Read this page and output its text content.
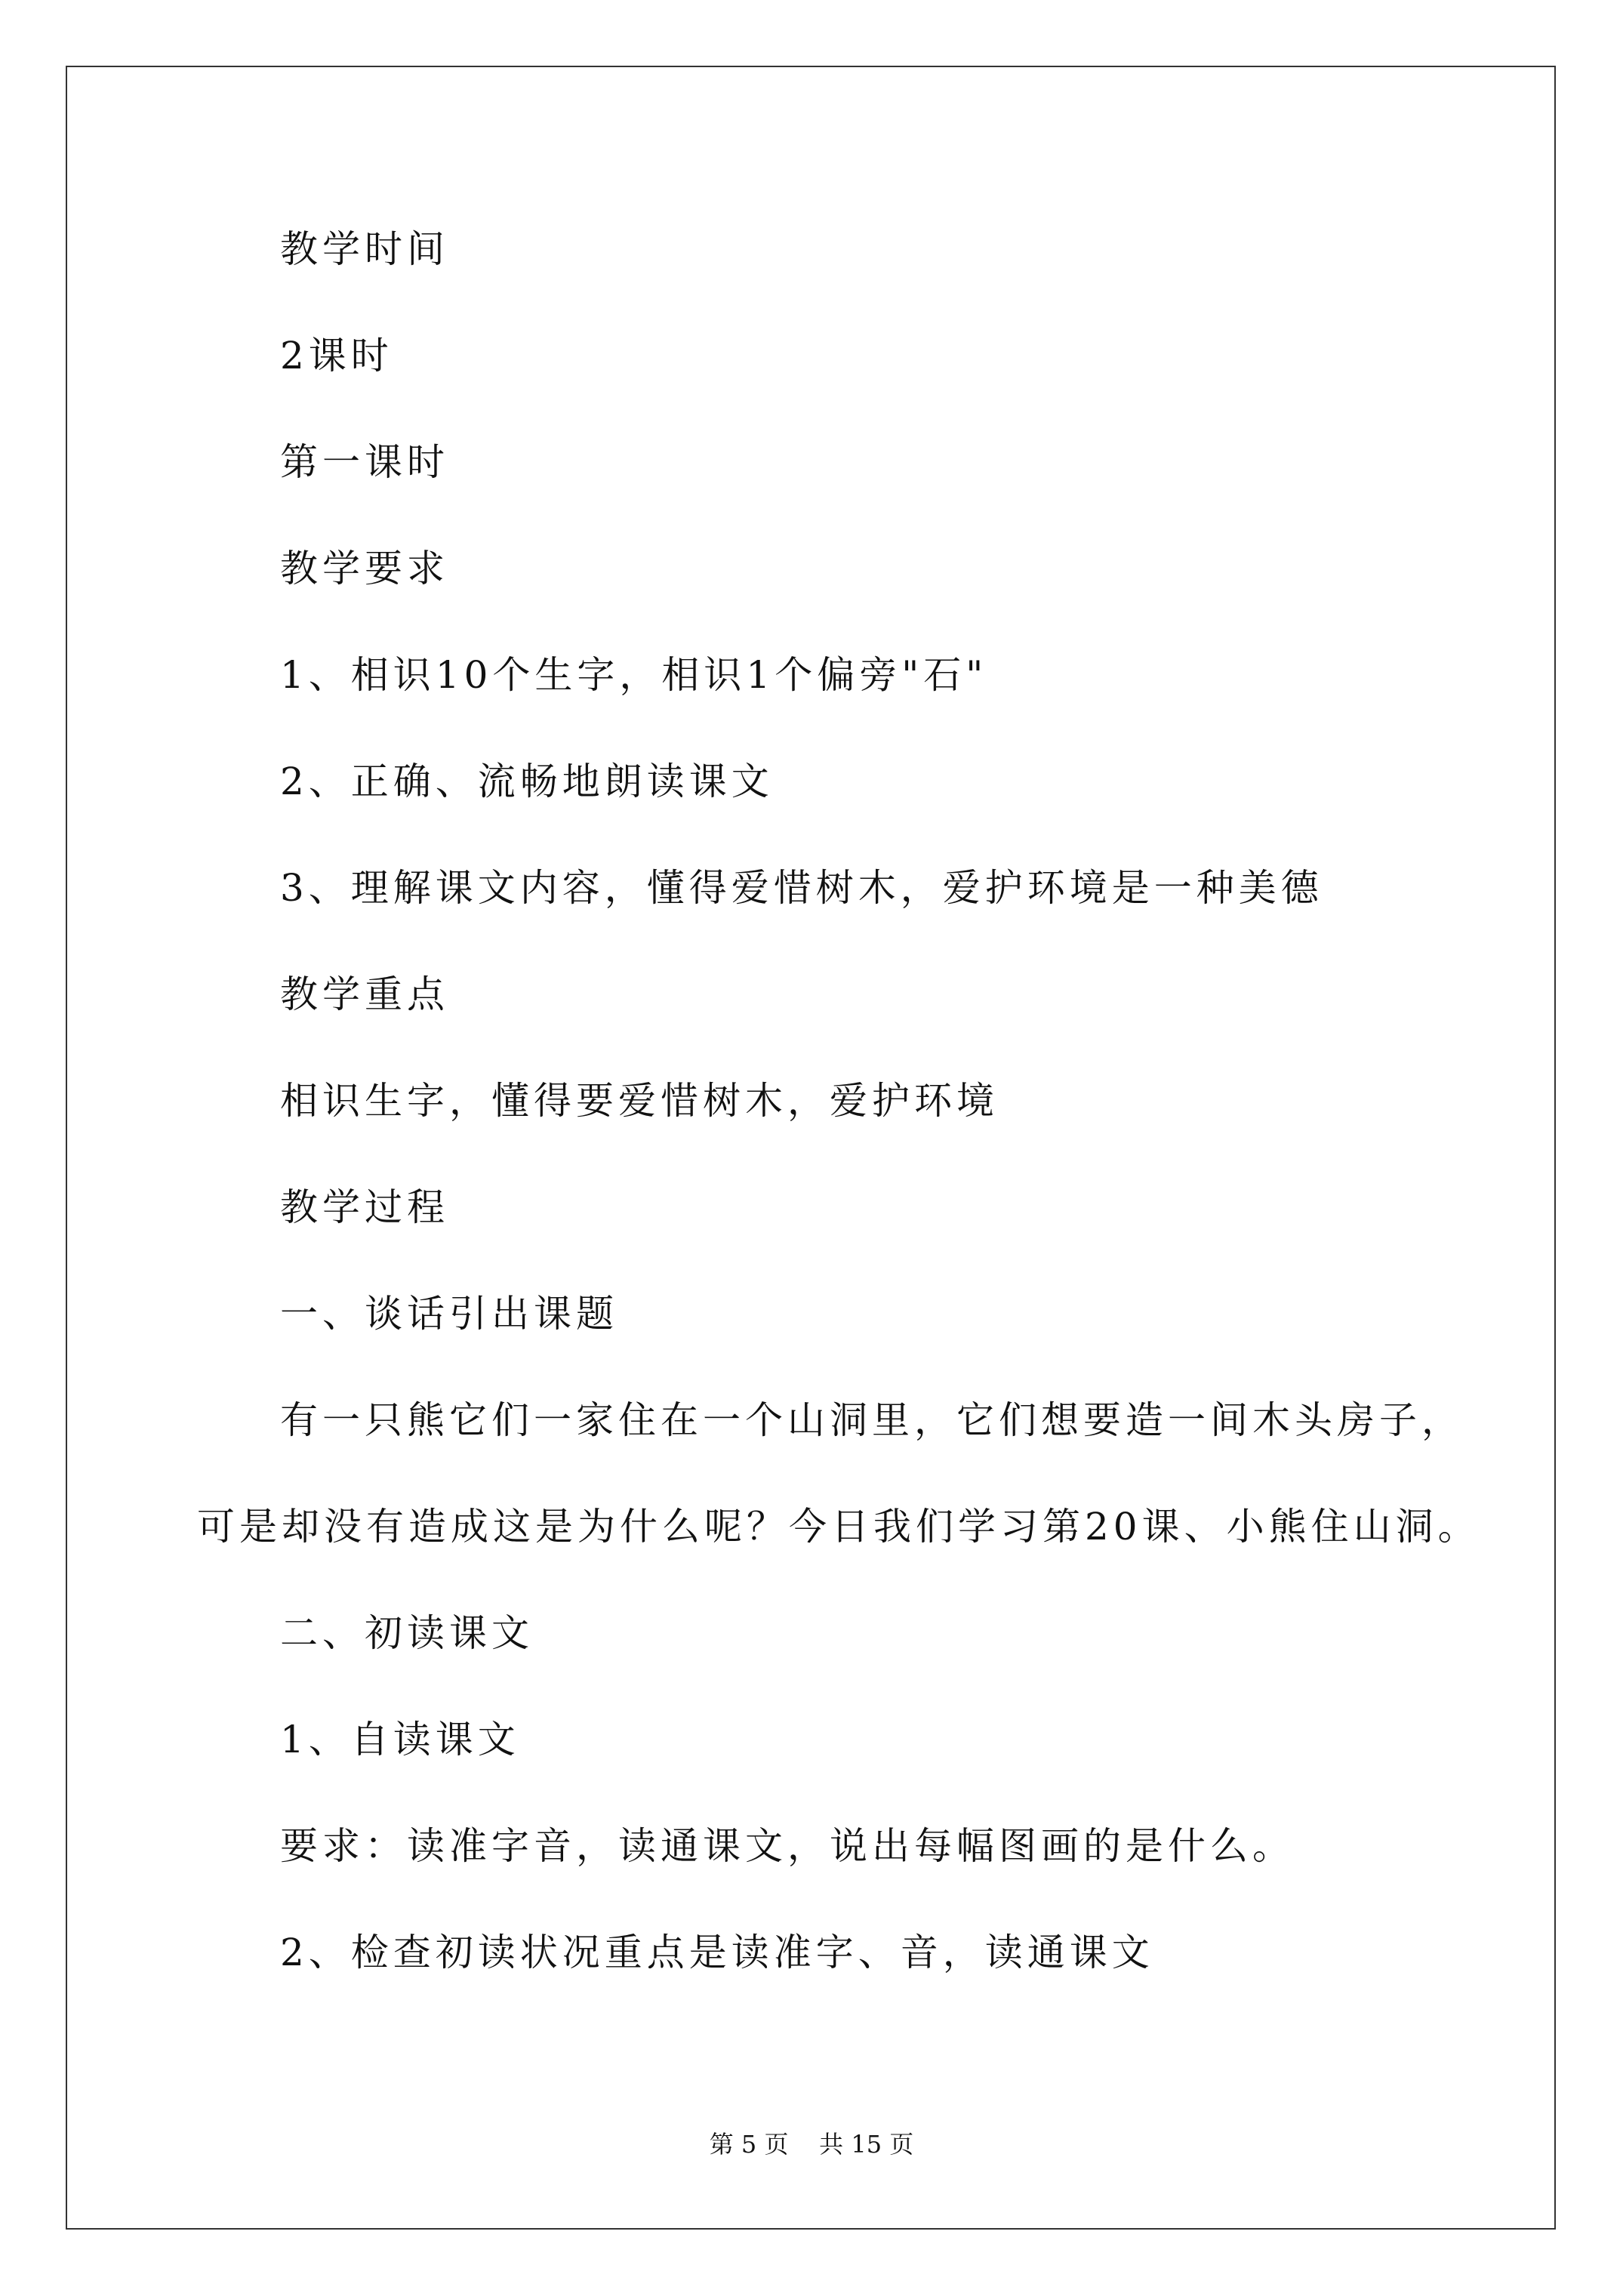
教学时间
2课时
第一课时
教学要求
1、相识10个生字，相识1个偏旁"石"
2、正确、流畅地朗读课文
3、理解课文内容，懂得爱惜树木，爱护环境是一种美德
教学重点
相识生字，懂得要爱惜树木，爱护环境
教学过程
一、谈话引出课题
有一只熊它们一家住在一个山洞里，它们想要造一间木头房子，
可是却没有造成这是为什么呢？今日我们学习第20课、小熊住山洞。
二、初读课文
1、自读课文
要求：读准字音，读通课文，说出每幅图画的是什么。
2、检查初读状况重点是读准字、音，读通课文
第 5 页 共 15 页
